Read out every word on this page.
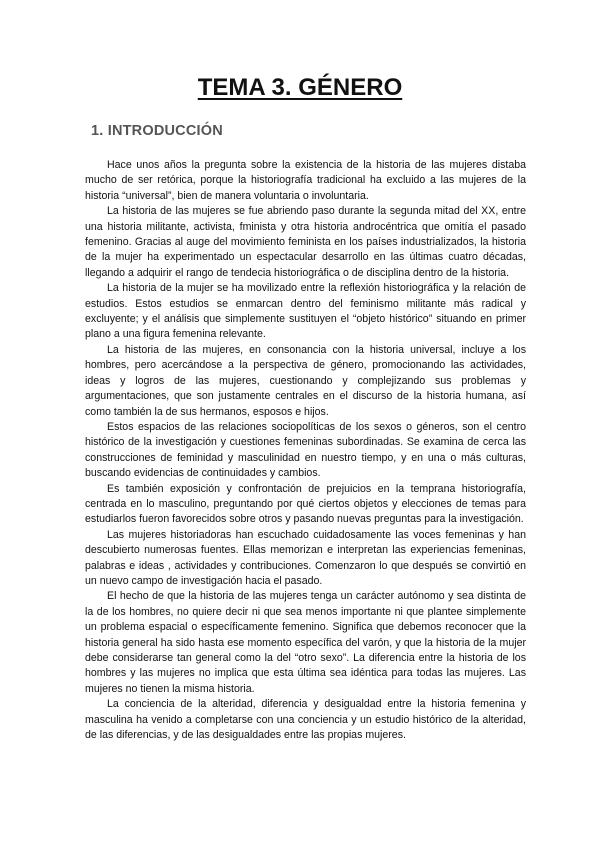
TEMA 3. GÉNERO
1. INTRODUCCIÓN

Hace unos años la pregunta sobre la existencia de la historia de las mujeres distaba mucho de ser retórica, porque la historiografía tradicional ha excluido a las mujeres de la historia “universal”, bien de manera voluntaria o involuntaria.

La historia de las mujeres se fue abriendo paso durante la segunda mitad del XX, entre una historia militante, activista, fminista y otra historia androcéntrica que omitía el pasado femenino. Gracias al auge del movimiento feminista en los países industrializados, la historia de la mujer ha experimentado un espectacular desarrollo en las últimas cuatro décadas, llegando a adquirir el rango de tendecia historiográfica o de disciplina dentro de la historia.

La historia de la mujer se ha movilizado entre la reflexión historiográfica y la relación de estudios. Estos estudios se enmarcan dentro del feminismo militante más radical y excluyente; y el análisis que simplemente sustituyen el “objeto histórico” situando en primer plano a una figura femenina relevante.

La historia de las mujeres, en consonancia con la historia universal, incluye a los hombres, pero acercándose a la perspectiva de género, promocionando las actividades, ideas y logros de las mujeres, cuestionando y complejizando sus problemas y argumentaciones, que son justamente centrales en el discurso de la historia humana, así como también la de sus hermanos, esposos e hijos.

Estos espacios de las relaciones sociopolíticas de los sexos o géneros, son el centro histórico de la investigación y cuestiones femeninas subordinadas. Se examina de cerca las construcciones de feminidad y masculinidad en nuestro tiempo, y en una o más culturas, buscando evidencias de continuidades y cambios.

Es también exposición y confrontación de prejuicios en la temprana historiografía, centrada en lo masculino, preguntando por qué ciertos objetos y elecciones de temas para estudiarlos fueron favorecidos sobre otros y pasando nuevas preguntas para la investigación.

Las mujeres historiadoras han escuchado cuidadosamente las voces femeninas y han descubierto numerosas fuentes. Ellas memorizan e interpretan las experiencias femeninas, palabras e ideas , actividades y contribuciones. Comenzaron lo que después se convirtió en un nuevo campo de investigación hacia el pasado.

El hecho de que la historia de las mujeres tenga un carácter autónomo y sea distinta de la de los hombres, no quiere decir ni que sea menos importante ni que plantee simplemente un problema espacial o específicamente femenino. Significa que debemos reconocer que la historia general ha sido hasta ese momento específica del varón, y que la historia de la mujer debe considerarse tan general como la del “otro sexo”. La diferencia entre la historia de los hombres y las mujeres no implica que esta última sea idéntica para todas las mujeres. Las mujeres no tienen la misma historia.

La conciencia de la alteridad, diferencia y desigualdad entre la historia femenina y masculina ha venido a completarse con una conciencia y un estudio histórico de la alteridad, de las diferencias, y de las desigualdades entre las propias mujeres.
